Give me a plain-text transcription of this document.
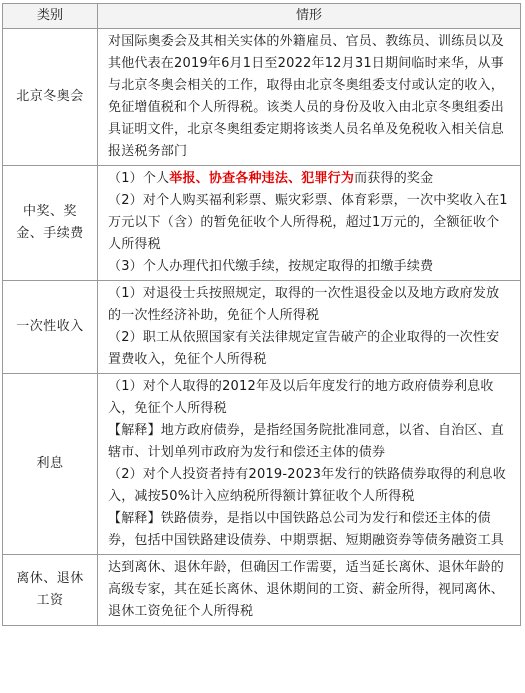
类别	情形
北京冬奥会	对国际奥委会及其相关实体的外籍雇员、官员、教练员、训练员以及其他代表在2019年6月1日至2022年12月31日期间临时来华，从事与北京冬奥会相关的工作，取得由北京冬奥组委支付或认定的收入，免征增值税和个人所得税。该类人员的身份及收入由北京冬奥组委出具证明文件，北京冬奥组委定期将该类人员名单及免税收入相关信息报送税务部门

中奖、奖金、手续费	（1）个人举报、协查各种违法、犯罪行为而获得的奖金
（2）对个人购买福利彩票、赈灾彩票、体育彩票，一次中奖收入在1万元以下（含）的暂免征收个人所得税，超过1万元的，全额征收个人所得税
（3）个人办理代扣代缴手续，按规定取得的扣缴手续费

一次性收入	（1）对退役士兵按照规定，取得的一次性退役金以及地方政府发放的一次性经济补助，免征个人所得税
（2）职工从依照国家有关法律规定宣告破产的企业取得的一次性安置费收入，免征个人所得税

利息	（1）对个人取得的2012年及以后年度发行的地方政府债券利息收入，免征个人所得税
【解释】地方政府债券，是指经国务院批准同意，以省、自治区、直辖市、计划单列市政府为发行和偿还主体的债券
（2）对个人投资者持有2019-2023年发行的铁路债券取得的利息收入，减按50%计入应纳税所得额计算征收个人所得税
【解释】铁路债券，是指以中国铁路总公司为发行和偿还主体的债券，包括中国铁路建设债券、中期票据、短期融资券等债务融资工具

离休、退休工资	达到离休、退休年龄，但确因工作需要，适当延长离休、退休年龄的高级专家，其在延长离休、退休期间的工资、薪金所得，视同离休、退休工资免征个人所得税
